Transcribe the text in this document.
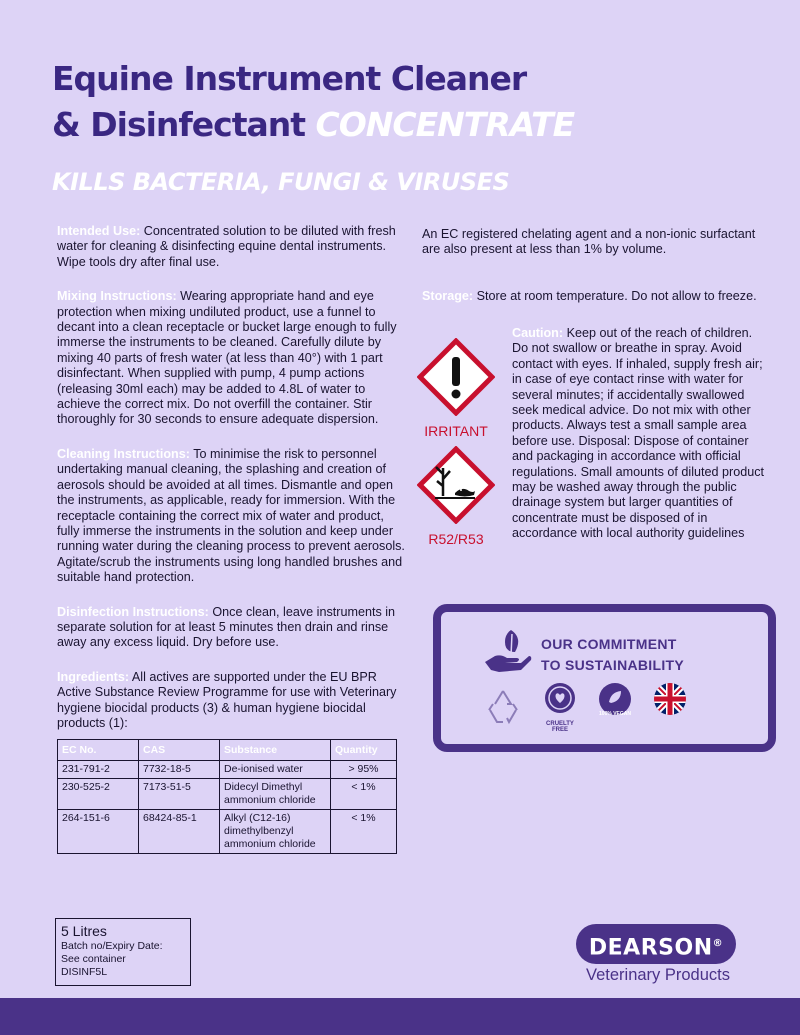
Equine Instrument Cleaner
& Disinfectant CONCENTRATE
KILLS BACTERIA, FUNGI & VIRUSES
Intended Use: Concentrated solution to be diluted with fresh water for cleaning & disinfecting equine dental instruments. Wipe tools dry after final use.
Mixing Instructions: Wearing appropriate hand and eye protection when mixing undiluted product, use a funnel to decant into a clean receptacle or bucket large enough to fully immerse the instruments to be cleaned. Carefully dilute by mixing 40 parts of fresh water (at less than 40°) with 1 part disinfectant. When supplied with pump, 4 pump actions (releasing 30ml each) may be added to 4.8L of water to achieve the correct mix. Do not overfill the container. Stir thoroughly for 30 seconds to ensure adequate dispersion.
Cleaning Instructions: To minimise the risk to personnel undertaking manual cleaning, the splashing and creation of aerosols should be avoided at all times. Dismantle and open the instruments, as applicable, ready for immersion. With the receptacle containing the correct mix of water and product, fully immerse the instruments in the solution and keep under running water during the cleaning process to prevent aerosols. Agitate/scrub the instruments using long handled brushes and suitable hand protection.
Disinfection Instructions: Once clean, leave instruments in separate solution for at least 5 minutes then drain and rinse away any excess liquid. Dry before use.
Ingredients: All actives are supported under the EU BPR Active Substance Review Programme for use with Veterinary hygiene biocidal products (3) & human hygiene biocidal products (1):
EC No.	CAS	Substance	Quantity
231-791-2	7732-18-5	De-ionised water	> 95%
230-525-2	7173-51-5	Didecyl Dimethyl ammonium chloride	< 1%
264-151-6	68424-85-1	Alkyl (C12-16) dimethylbenzyl ammonium chloride	< 1%
An EC registered chelating agent and a non-ionic surfactant are also present at less than 1% by volume.
Storage: Store at room temperature. Do not allow to freeze.
IRRITANT
R52/R53
Caution: Keep out of the reach of children. Do not swallow or breathe in spray. Avoid contact with eyes. If inhaled, supply fresh air; in case of eye contact rinse with water for several minutes; if accidentally swallowed seek medical advice. Do not mix with other products. Always test a small sample area before use. Disposal: Dispose of container and packaging in accordance with official regulations. Small amounts of diluted product may be washed away through the public drainage system but larger quantities of concentrate must be disposed of in accordance with local authority guidelines
OUR COMMITMENT
TO SUSTAINABILITY
CRUELTY FREE
100% VEGAN
5 Litres
Batch no/Expiry Date:
See container
DISINF5L
DEARSON®
Veterinary Products
